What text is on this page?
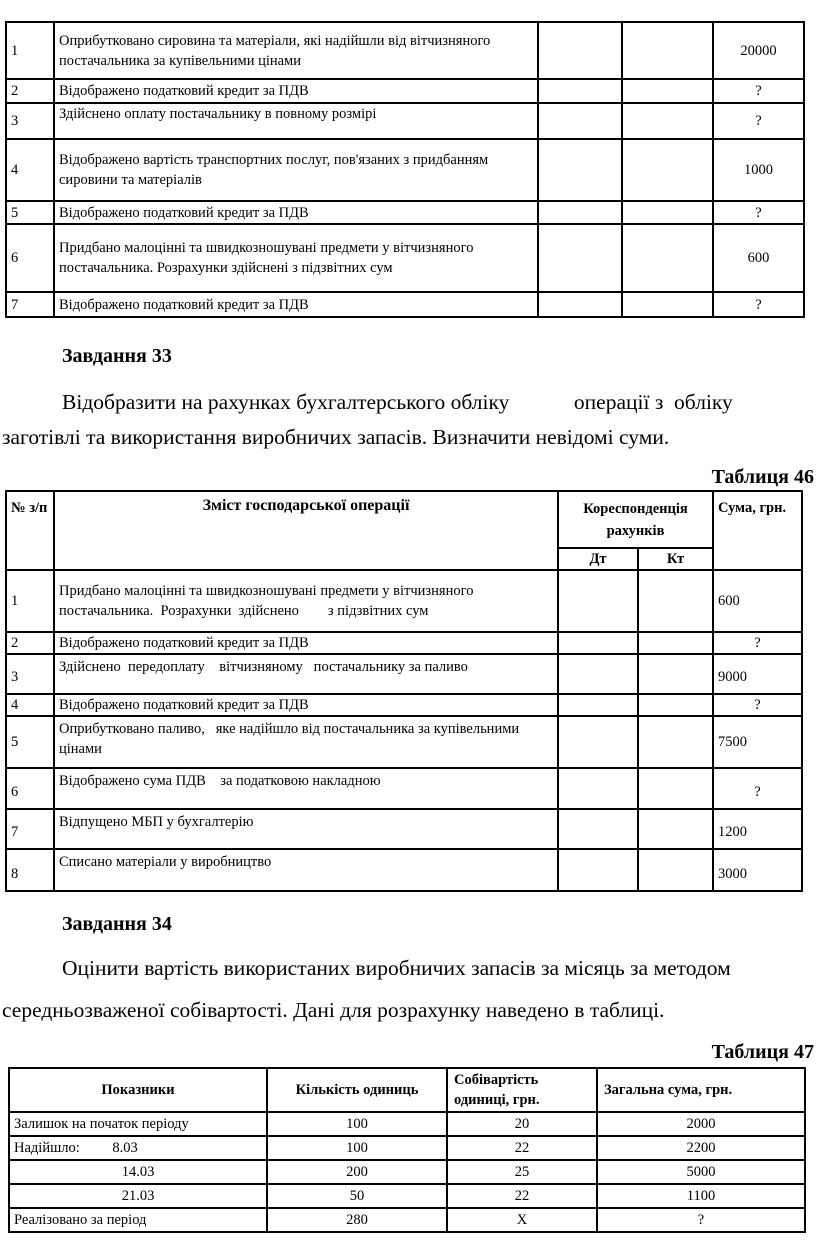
1	Оприбутковано сировина та матеріали, які надійшли від вітчизняного постачальника за купівельними цінами			20000
2	Відображено податковий кредит за ПДВ			?
3	Здійснено оплату постачальнику в повному розмірі			?
4	Відображено вартість транспортних послуг, пов'язаних з придбанням сировини та матеріалів			1000
5	Відображено податковий кредит за ПДВ			?
6	Придбано малоцінні та швидкозношувані предмети у вітчизняного постачальника. Розрахунки здійснені з підзвітних сум			600
7	Відображено податковий кредит за ПДВ			?
Завдання 33
Відобразити на рахунках бухгалтерського обліку            операції з  обліку
заготівлі та використання виробничих запасів. Визначити невідомі суми.
Таблиця 46
№ з/п	Зміст господарської операції	Кореспонденція рахунків		Сума, грн.
		Дт	Кт	
1	Придбано малоцінні та швидкозношувані предмети у вітчизняного постачальника.  Розрахунки  здійснено        з підзвітних сум			600
2	Відображено податковий кредит за ПДВ			?
3	Здійснено  передоплату    вітчизняному   постачальнику за паливо			9000
4	Відображено податковий кредит за ПДВ			?
5	Оприбутковано паливо,   яке надійшло від постачальника за купівельними цінами			7500
6	Відображено сума ПДВ    за податковою накладною			?
7	Відпущено МБП у бухгалтерію			1200
8	Списано матеріали у виробництво			3000
Завдання 34
Оцінити вартість використаних виробничих запасів за місяць за методом
середньозваженої собівартості. Дані для розрахунку наведено в таблиці.
Таблиця 47
Показники	Кількість одиниць	Собівартість одиниці, грн.	Загальна сума, грн.
Залишок на початок періоду	100	20	2000
Надійшло:         8.03	100	22	2200
14.03	200	25	5000
21.03	50	22	1100
Реалізовано за період	280	Х	?
